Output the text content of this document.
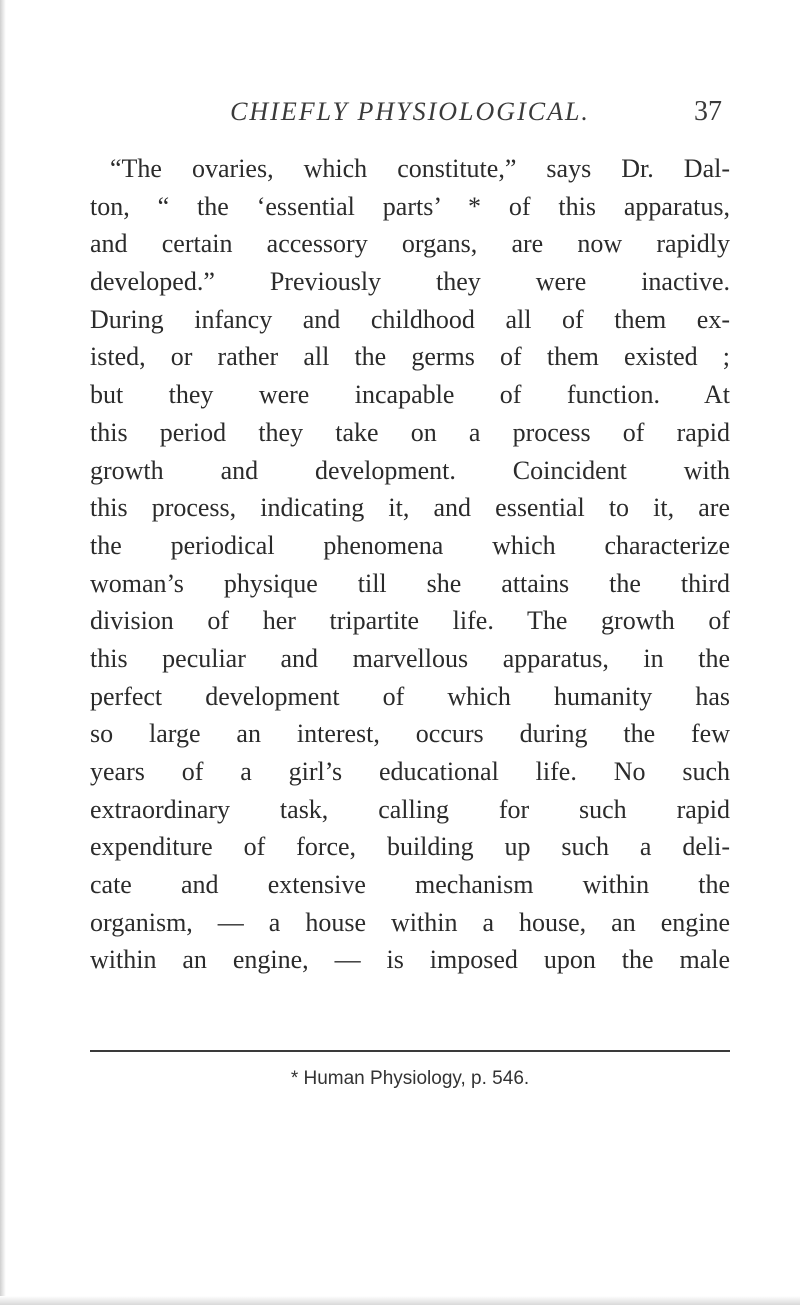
CHIEFLY PHYSIOLOGICAL.	37
“The ovaries, which constitute,” says Dr. Dal-
ton, “ the ‘essential parts’ * of this apparatus,
and certain accessory organs, are now rapidly
developed.” Previously they were inactive.
During infancy and childhood all of them ex-
isted, or rather all the germs of them existed ;
but they were incapable of function. At
this period they take on a process of rapid
growth and development. Coincident with
this process, indicating it, and essential to it, are
the periodical phenomena which characterize
woman’s physique till she attains the third
division of her tripartite life. The growth of
this peculiar and marvellous apparatus, in the
perfect development of which humanity has
so large an interest, occurs during the few
years of a girl’s educational life. No such
extraordinary task, calling for such rapid
expenditure of force, building up such a deli-
cate and extensive mechanism within the
organism, — a house within a house, an engine
within an engine, — is imposed upon the male
* Human Physiology, p. 546.
